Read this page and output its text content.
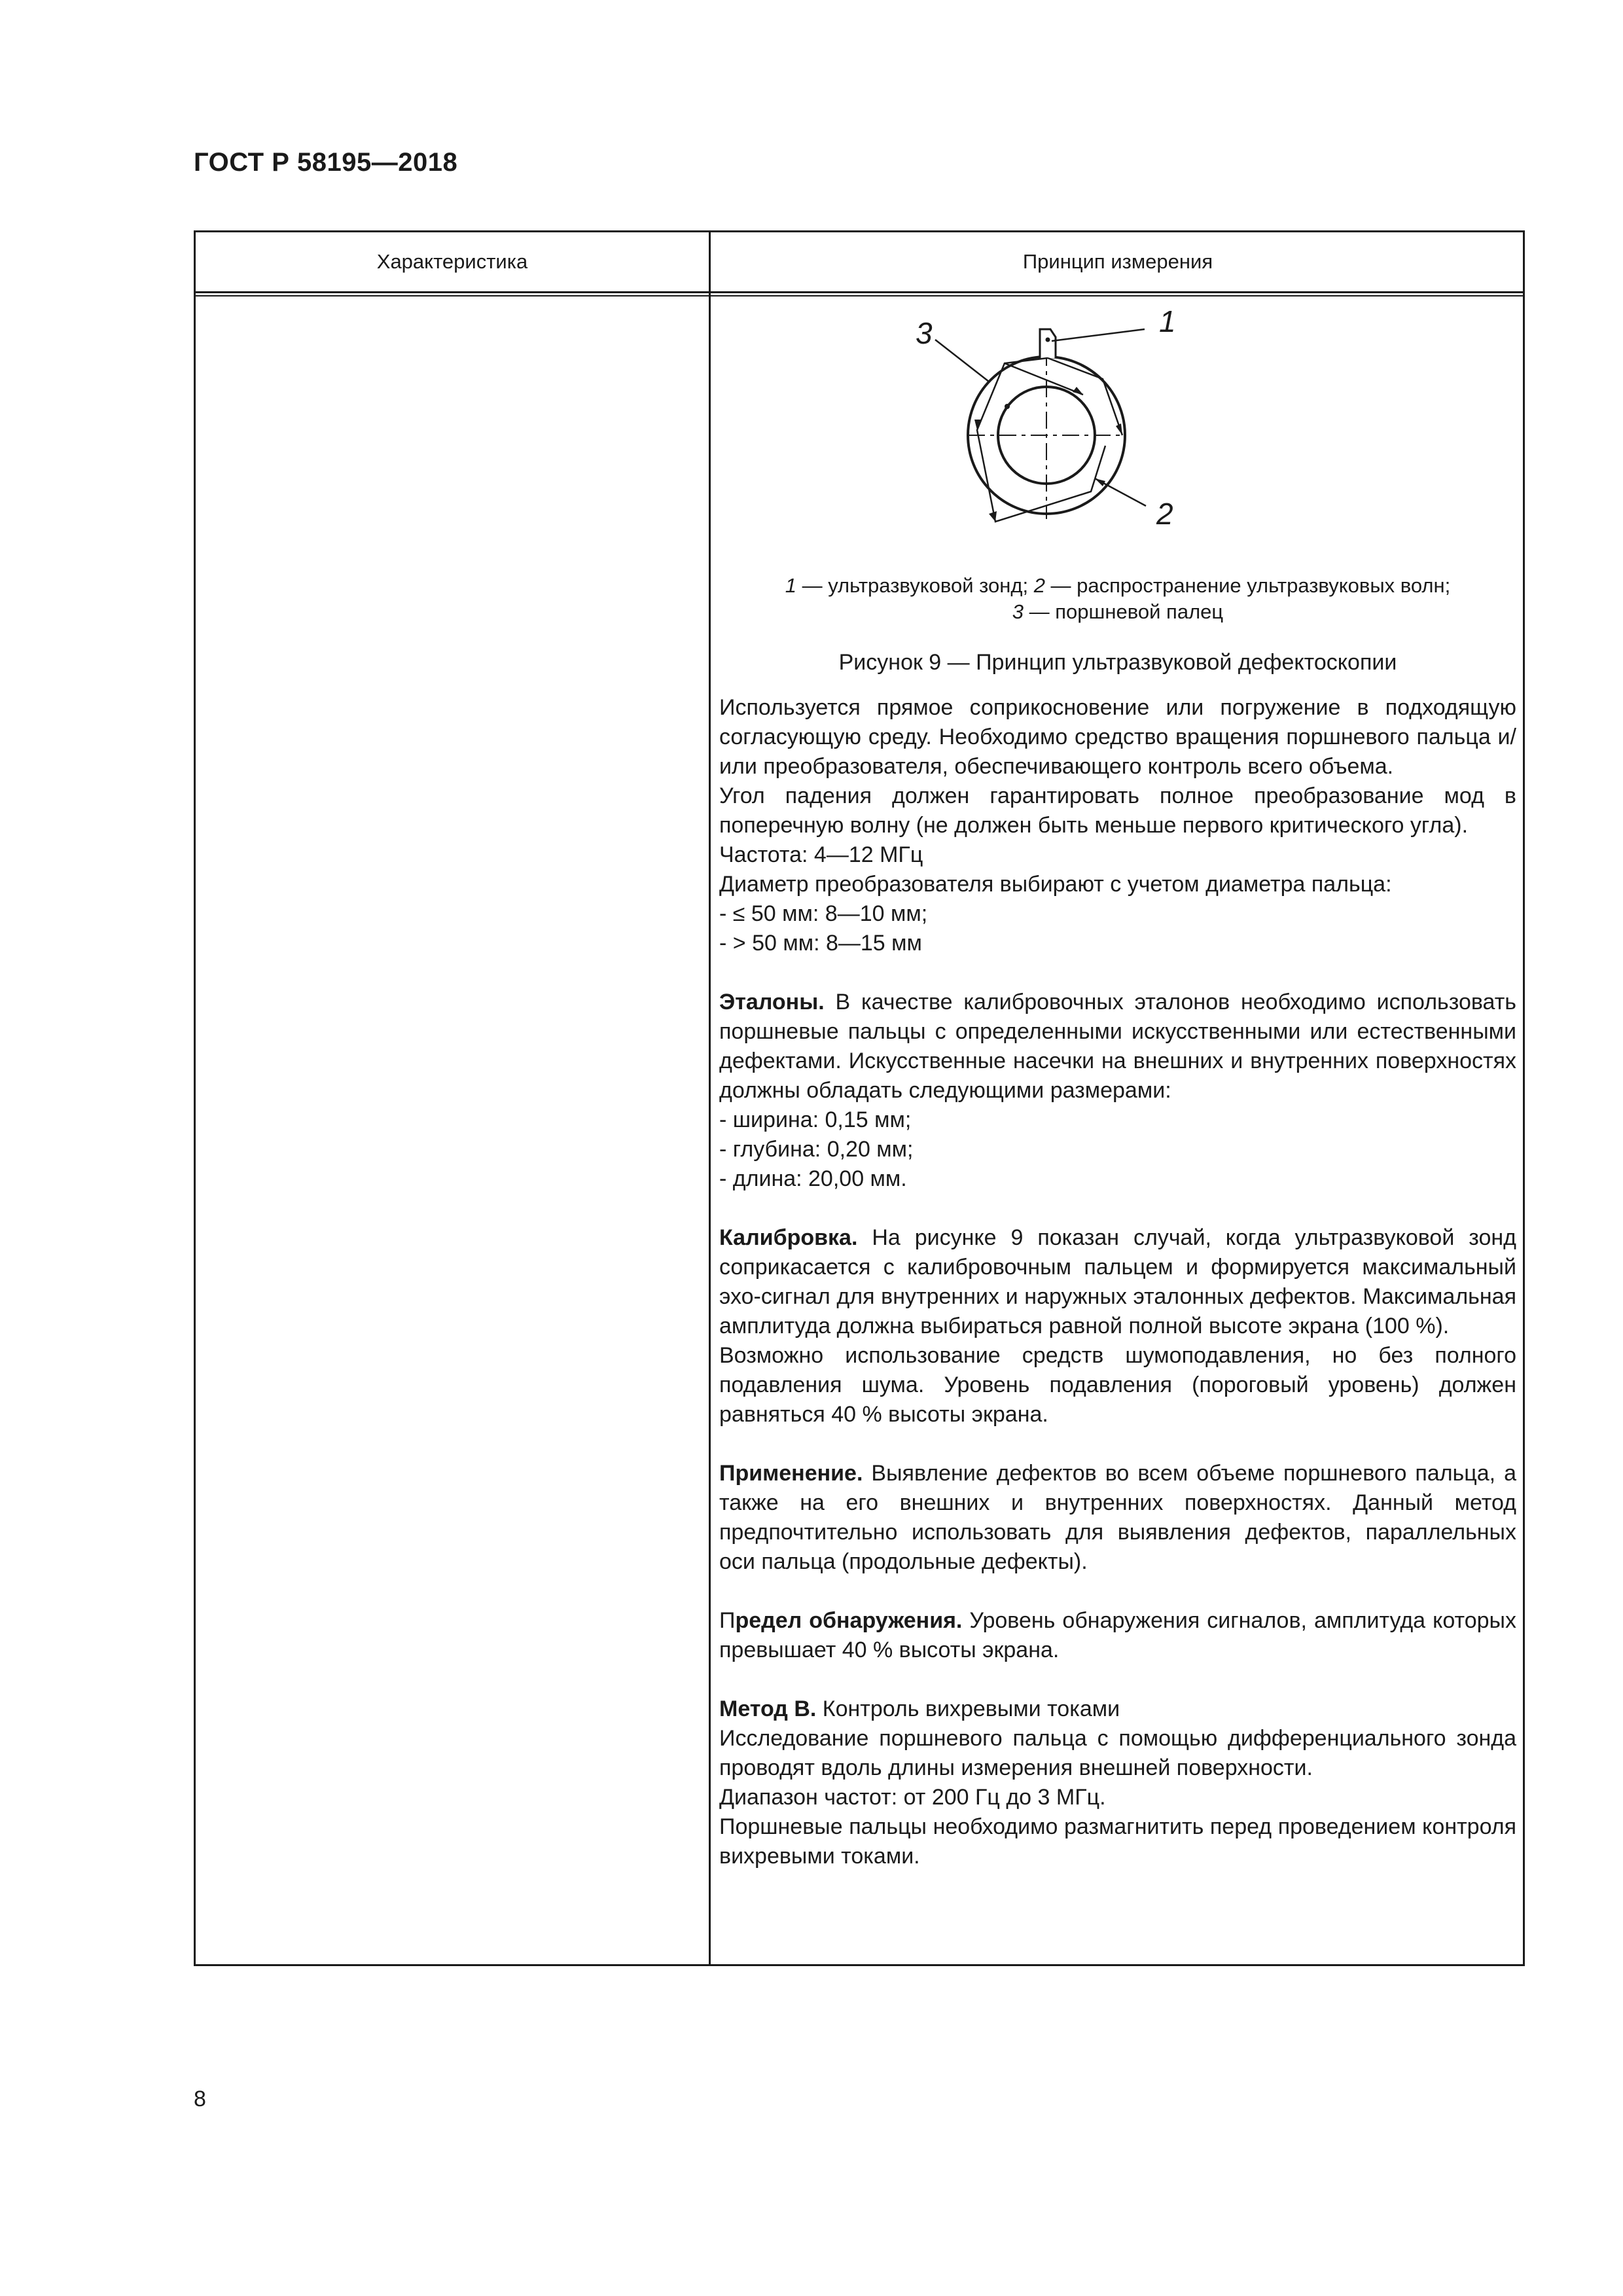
ГОСТ Р 58195—2018
Характеристика	Принцип измерения
1
3
2
1 — ультразвуковой зонд; 2 — распространение ультразвуковых волн;
3 — поршневой палец
Рисунок 9 — Принцип ультразвуковой дефектоскопии

Используется прямое соприкосновение или погружение в подходящую согласующую среду. Необходимо средство вращения поршневого пальца и/или преобразователя, обеспечивающего контроль всего объема.

Угол падения должен гарантировать полное преобразование мод в поперечную волну (не должен быть меньше первого критического угла).

Частота: 4—12 МГц

Диаметр преобразователя выбирают с учетом диаметра пальца:

- ≤ 50 мм: 8—10 мм;

- > 50 мм: 8—15 мм

Эталоны. В качестве калибровочных эталонов необходимо использовать поршневые пальцы с определенными искусственными или естественными дефектами. Искусственные насечки на внешних и внутренних поверхностях должны обладать следующими размерами:

- ширина: 0,15 мм;

- глубина: 0,20 мм;

- длина: 20,00 мм.

Калибровка. На рисунке 9 показан случай, когда ультразвуковой зонд соприкасается с калибровочным пальцем и формируется максимальный эхо-сигнал для внутренних и наружных эталонных дефектов. Максимальная амплитуда должна выбираться равной полной высоте экрана (100 %).

Возможно использование средств шумоподавления, но без полного подавления шума. Уровень подавления (пороговый уровень) должен равняться 40 % высоты экрана.

Применение. Выявление дефектов во всем объеме поршневого пальца, а также на его внешних и внутренних поверхностях. Данный метод предпочтительно использовать для выявления дефектов, параллельных оси пальца (продольные дефекты).

Предел обнаружения. Уровень обнаружения сигналов, амплитуда которых превышает 40 % высоты экрана.

Метод В. Контроль вихревыми токами

Исследование поршневого пальца с помощью дифференциального зонда проводят вдоль длины измерения внешней поверхности.

Диапазон частот: от 200 Гц до 3 МГц.

Поршневые пальцы необходимо размагнитить перед проведением контроля вихревыми токами.

8
